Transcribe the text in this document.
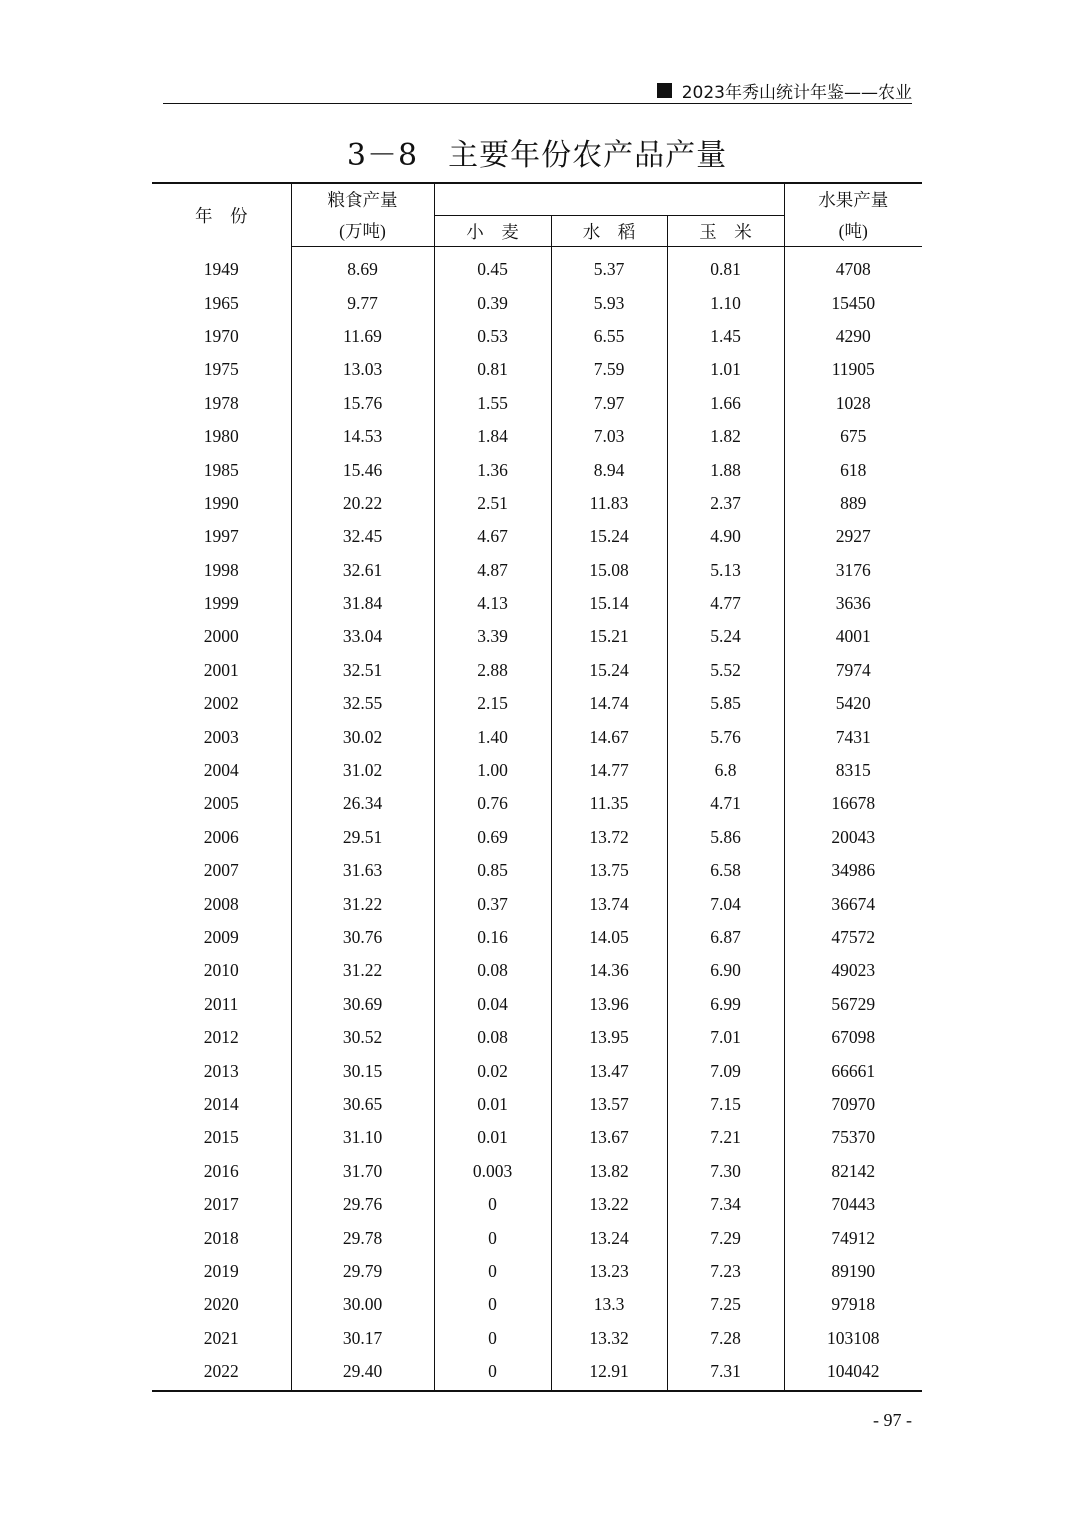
2023年秀山统计年鉴——农业
3－8 主要年份农产品产量
年　份	粮食产量				水果产量
	(万吨)	小　麦	水　稻	玉　米	(吨)
1949	8.69	0.45	5.37	0.81	4708
1965	9.77	0.39	5.93	1.10	15450
1970	11.69	0.53	6.55	1.45	4290
1975	13.03	0.81	7.59	1.01	11905
1978	15.76	1.55	7.97	1.66	1028
1980	14.53	1.84	7.03	1.82	675
1985	15.46	1.36	8.94	1.88	618
1990	20.22	2.51	11.83	2.37	889
1997	32.45	4.67	15.24	4.90	2927
1998	32.61	4.87	15.08	5.13	3176
1999	31.84	4.13	15.14	4.77	3636
2000	33.04	3.39	15.21	5.24	4001
2001	32.51	2.88	15.24	5.52	7974
2002	32.55	2.15	14.74	5.85	5420
2003	30.02	1.40	14.67	5.76	7431
2004	31.02	1.00	14.77	6.8	8315
2005	26.34	0.76	11.35	4.71	16678
2006	29.51	0.69	13.72	5.86	20043
2007	31.63	0.85	13.75	6.58	34986
2008	31.22	0.37	13.74	7.04	36674
2009	30.76	0.16	14.05	6.87	47572
2010	31.22	0.08	14.36	6.90	49023
2011	30.69	0.04	13.96	6.99	56729
2012	30.52	0.08	13.95	7.01	67098
2013	30.15	0.02	13.47	7.09	66661
2014	30.65	0.01	13.57	7.15	70970
2015	31.10	0.01	13.67	7.21	75370
2016	31.70	0.003	13.82	7.30	82142
2017	29.76	0	13.22	7.34	70443
2018	29.78	0	13.24	7.29	74912
2019	29.79	0	13.23	7.23	89190
2020	30.00	0	13.3	7.25	97918
2021	30.17	0	13.32	7.28	103108
2022	29.40	0	12.91	7.31	104042
- 97 -
